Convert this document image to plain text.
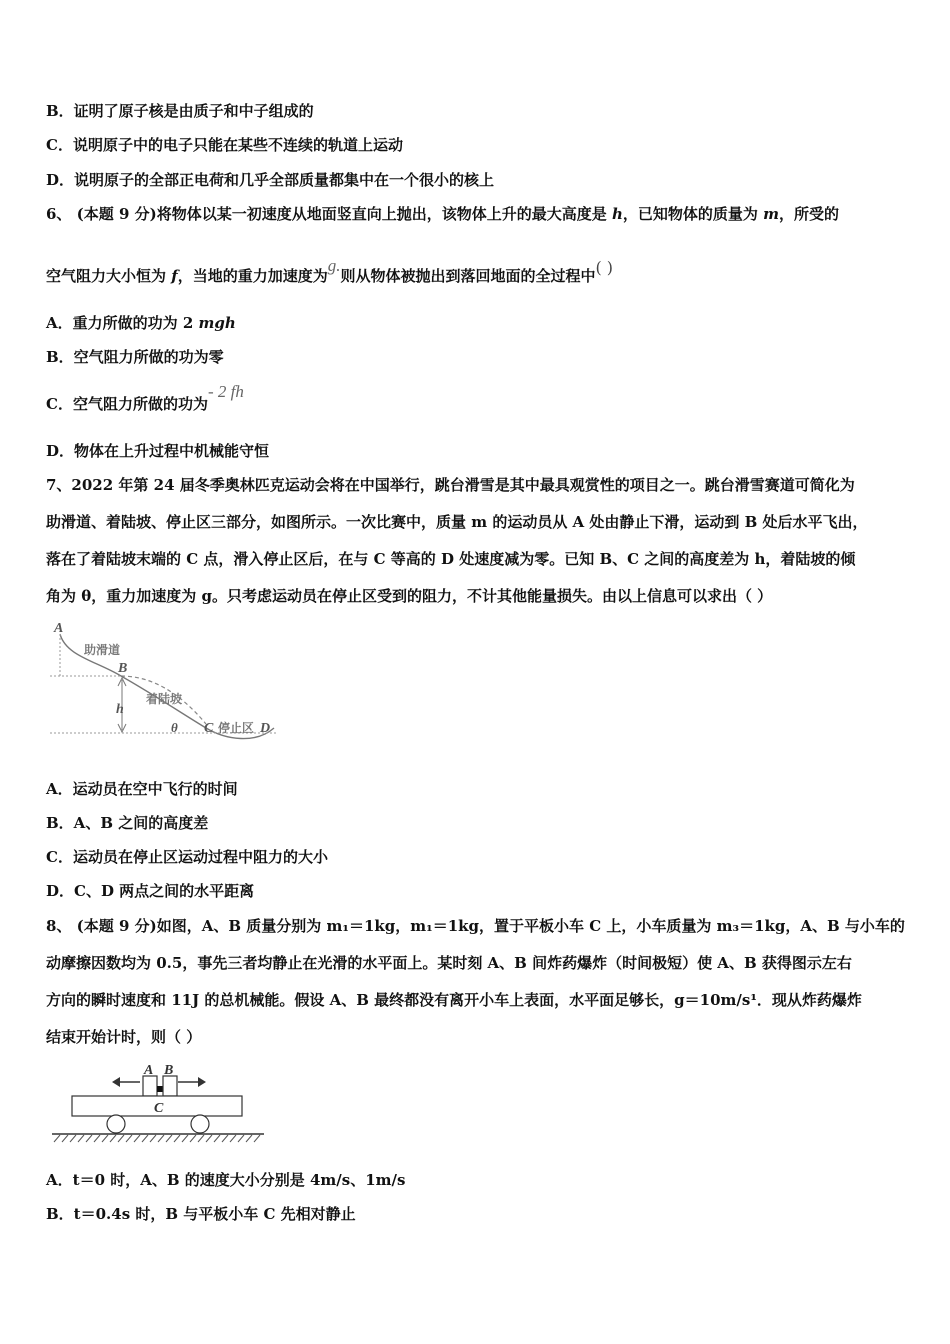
B．证明了原子核是由质子和中子组成的
C．说明原子中的电子只能在某些不连续的轨道上运动
D．说明原子的全部正电荷和几乎全部质量都集中在一个很小的核上
6、 (本题 9 分)将物体以某一初速度从地面竖直向上抛出，该物体上升的最大高度是 h，已知物体的质量为 m，所受的
空气阻力大小恒为 f，当地的重力加速度为g.则从物体被抛出到落回地面的全过程中( )
A．重力所做的功为 2 mgh
B．空气阻力所做的功为零
C．空气阻力所做的功为- 2 fh
D．物体在上升过程中机械能守恒
7、2022 年第 24 届冬季奥林匹克运动会将在中国举行，跳台滑雪是其中最具观赏性的项目之一。跳台滑雪赛道可简化为
助滑道、着陆坡、停止区三部分，如图所示。一次比赛中，质量 m 的运动员从 A 处由静止下滑，运动到 B 处后水平飞出，
落在了着陆坡末端的 C 点，滑入停止区后，在与 C 等高的 D 处速度减为零。已知 B、C 之间的高度差为 h，着陆坡的倾
角为 θ，重力加速度为 g。只考虑运动员在停止区受到的阻力，不计其他能量损失。由以上信息可以求出（ ）
A
助滑道
B
着陆坡
h
θ C 停止区 D
A．运动员在空中飞行的时间
B．A、B 之间的高度差
C．运动员在停止区运动过程中阻力的大小
D．C、D 两点之间的水平距离
8、 (本题 9 分)如图，A、B 质量分别为 m₁＝1kg，m₁＝1kg，置于平板小车 C 上，小车质量为 m₃＝1kg，A、B 与小车的
动摩擦因数均为 0.5，事先三者均静止在光滑的水平面上。某时刻 A、B 间炸药爆炸（时间极短）使 A、B 获得图示左右
方向的瞬时速度和 11J 的总机械能。假设 A、B 最终都没有离开小车上表面，水平面足够长，g＝10m/s¹．现从炸药爆炸
结束开始计时，则（ ）
A B
C
A．t＝0 时，A、B 的速度大小分别是 4m/s、1m/s
B．t＝0.4s 时，B 与平板小车 C 先相对静止
